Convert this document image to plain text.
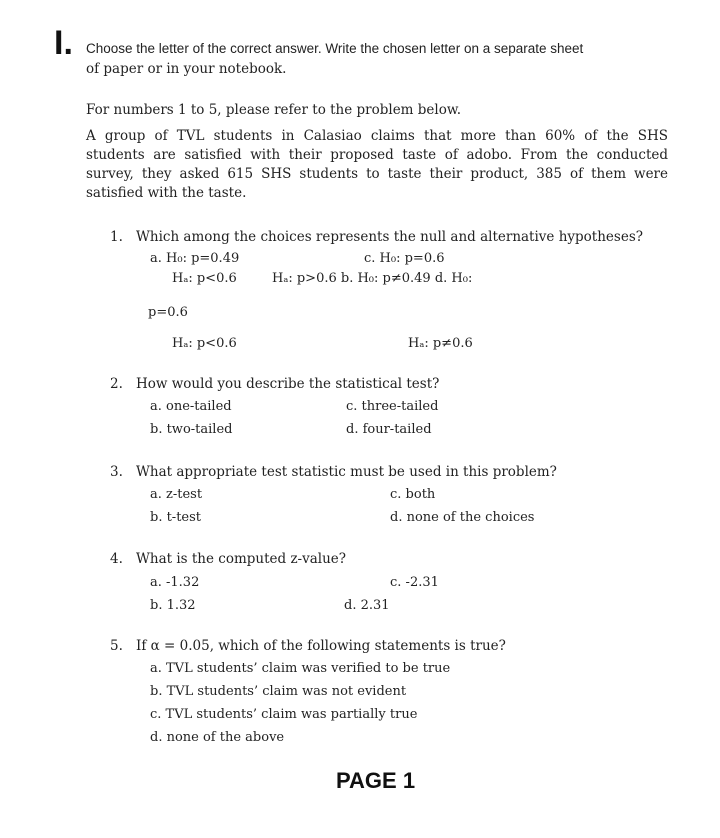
I. Choose the letter of the correct answer. Write the chosen letter on a separate sheet
of paper or in your notebook.
For numbers 1 to 5, please refer to the problem below.
A group of TVL students in Calasiao claims that more than 60% of the SHS
students are satisfied with their proposed taste of adobo. From the conducted
survey, they asked 615 SHS students to taste their product, 385 of them were
satisfied with the taste.
1. Which among the choices represents the null and alternative hypotheses?
a. H₀: p=0.49	c. H₀: p=0.6
Hₐ: p<0.6	Hₐ: p>0.6 b. H₀: p≠0.49 d. H₀:
p=0.6
Hₐ: p<0.6	Hₐ: p≠0.6
2. How would you describe the statistical test?
a. one-tailed	c. three-tailed
b. two-tailed	d. four-tailed
3. What appropriate test statistic must be used in this problem?
a. z-test	c. both
b. t-test	d. none of the choices
4. What is the computed z-value?
a. -1.32	c. -2.31
b. 1.32	d. 2.31
5. If α = 0.05, which of the following statements is true?
a. TVL students’ claim was verified to be true
b. TVL students’ claim was not evident
c. TVL students’ claim was partially true
d. none of the above
PAGE 1
